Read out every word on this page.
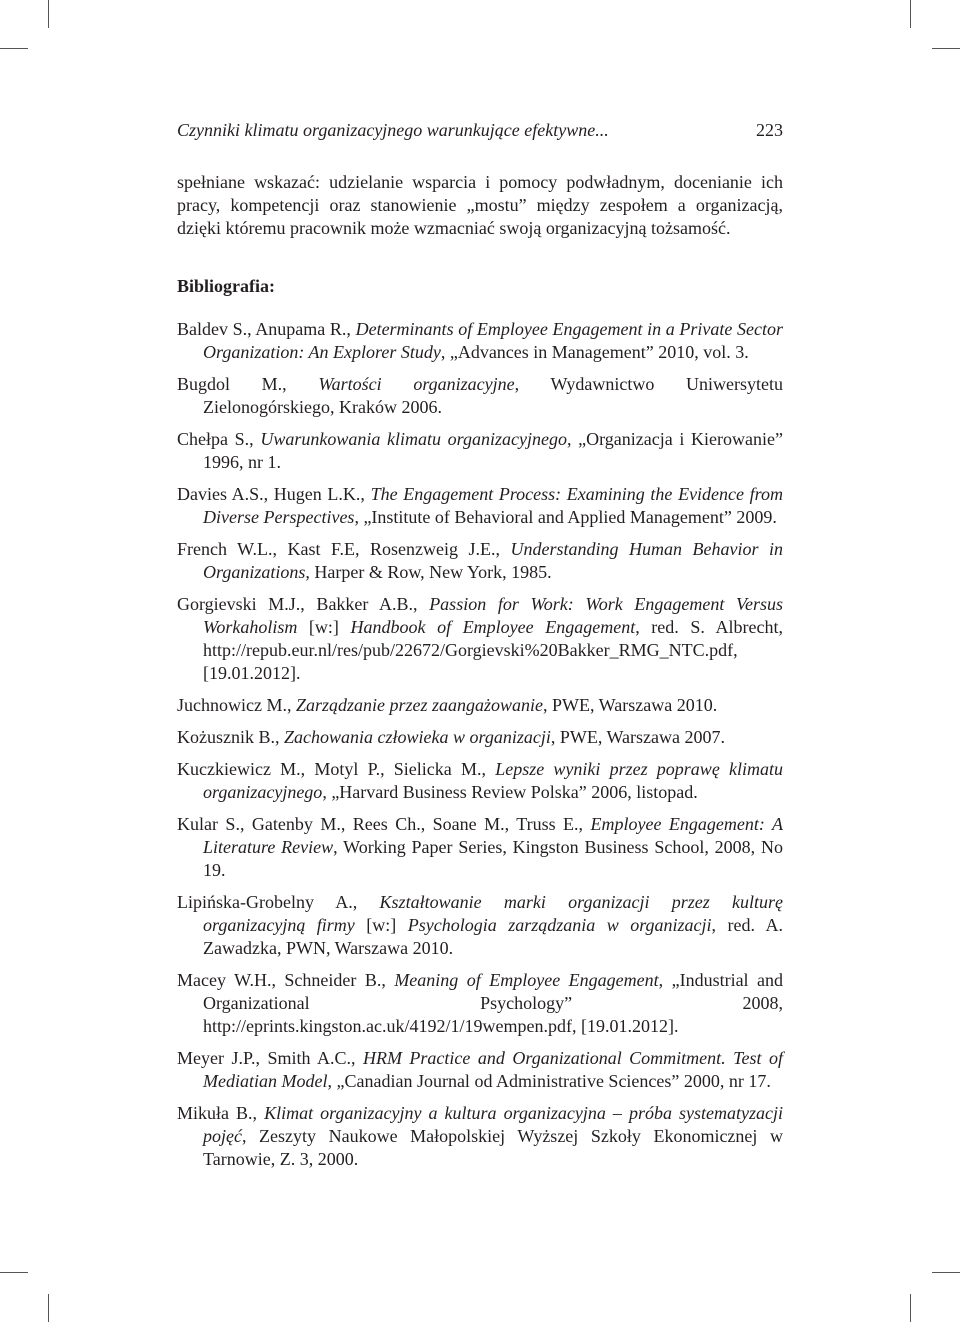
Czynniki klimatu organizacyjnego warunkujące efektywne...	223

spełniane wskazać: udzielanie wsparcia i pomocy podwładnym, docenianie ich pracy, kompetencji oraz stanowienie „mostu” między zespołem a organizacją, dzięki któremu pracownik może wzmacniać swoją organizacyjną tożsamość.

Bibliografia:
Baldev S., Anupama R., Determinants of Employee Engagement in a Private Sector Organization: An Explorer Study, „Advances in Management” 2010, vol. 3.
Bugdol M., Wartości organizacyjne, Wydawnictwo Uniwersytetu Zielonogórskiego, Kraków 2006.
Chełpa S., Uwarunkowania klimatu organizacyjnego, „Organizacja i Kierowanie” 1996, nr 1.
Davies A.S., Hugen L.K., The Engagement Process: Examining the Evidence from Diverse Perspectives, „Institute of Behavioral and Applied Management” 2009.
French W.L., Kast F.E, Rosenzweig J.E., Understanding Human Behavior in Organizations, Harper & Row, New York, 1985.
Gorgievski M.J., Bakker A.B., Passion for Work: Work Engagement Versus Workaholism [w:] Handbook of Employee Engagement, red. S. Albrecht, http://repub.eur.nl/res/pub/22672/Gorgievski%20Bakker_RMG_NTC.pdf, [19.01.2012].
Juchnowicz M., Zarządzanie przez zaangażowanie, PWE, Warszawa 2010.
Kożusznik B., Zachowania człowieka w organizacji, PWE, Warszawa 2007.
Kuczkiewicz M., Motyl P., Sielicka M., Lepsze wyniki przez poprawę klimatu organizacyjnego, „Harvard Business Review Polska” 2006, listopad.
Kular S., Gatenby M., Rees Ch., Soane M., Truss E., Employee Engagement: A Literature Review, Working Paper Series, Kingston Business School, 2008, No 19.
Lipińska-Grobelny A., Kształtowanie marki organizacji przez kulturę organizacyjną firmy [w:] Psychologia zarządzania w organizacji, red. A. Zawadzka, PWN, Warszawa 2010.
Macey W.H., Schneider B., Meaning of Employee Engagement, „Industrial and Organizational Psychology” 2008, http://eprints.kingston.ac.uk/4192/1/19wempen.pdf, [19.01.2012].
Meyer J.P., Smith A.C., HRM Practice and Organizational Commitment. Test of Mediatian Model, „Canadian Journal od Administrative Sciences” 2000, nr 17.
Mikuła B., Klimat organizacyjny a kultura organizacyjna – próba systematyzacji pojęć, Zeszyty Naukowe Małopolskiej Wyższej Szkoły Ekonomicznej w Tarnowie, Z. 3, 2000.
